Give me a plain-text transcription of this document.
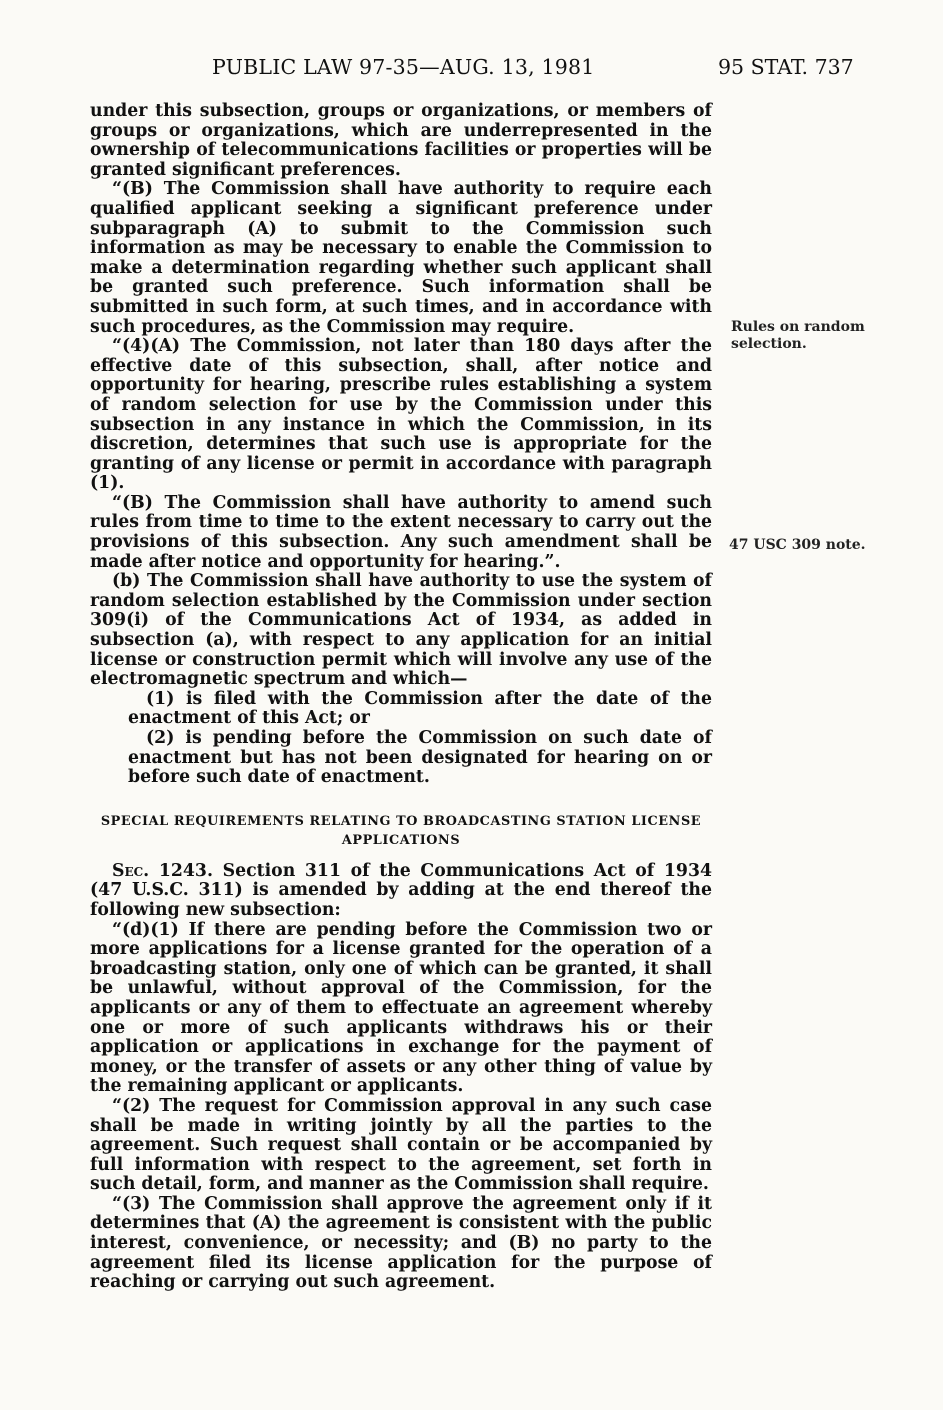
PUBLIC LAW 97-35—AUG. 13, 1981	95 STAT. 737
Rules on random selection.
47 USC 309 note.

under this subsection, groups or organizations, or members of groups or organizations, which are underrepresented in the ownership of telecommunications facilities or properties will be granted significant preferences.

“(B) The Commission shall have authority to require each qualified applicant seeking a significant preference under subparagraph (A) to submit to the Commission such information as may be necessary to enable the Commission to make a determination regarding whether such applicant shall be granted such preference. Such information shall be submitted in such form, at such times, and in accordance with such procedures, as the Commission may require.

“(4)(A) The Commission, not later than 180 days after the effective date of this subsection, shall, after notice and opportunity for hearing, prescribe rules establishing a system of random selection for use by the Commission under this subsection in any instance in which the Commission, in its discretion, determines that such use is appropriate for the granting of any license or permit in accordance with paragraph (1).

“(B) The Commission shall have authority to amend such rules from time to time to the extent necessary to carry out the provisions of this subsection. Any such amendment shall be made after notice and opportunity for hearing.”.

(b) The Commission shall have authority to use the system of random selection established by the Commission under section 309(i) of the Communications Act of 1934, as added in subsection (a), with respect to any application for an initial license or construction permit which will involve any use of the electromagnetic spectrum and which—

(1) is filed with the Commission after the date of the enactment of this Act; or

(2) is pending before the Commission on such date of enactment but has not been designated for hearing on or before such date of enactment.

SPECIAL REQUIREMENTS RELATING TO BROADCASTING STATION LICENSE APPLICATIONS

Sec. 1243. Section 311 of the Communications Act of 1934 (47 U.S.C. 311) is amended by adding at the end thereof the following new subsection:

“(d)(1) If there are pending before the Commission two or more applications for a license granted for the operation of a broadcasting station, only one of which can be granted, it shall be unlawful, without approval of the Commission, for the applicants or any of them to effectuate an agreement whereby one or more of such applicants withdraws his or their application or applications in exchange for the payment of money, or the transfer of assets or any other thing of value by the remaining applicant or applicants.

“(2) The request for Commission approval in any such case shall be made in writing jointly by all the parties to the agreement. Such request shall contain or be accompanied by full information with respect to the agreement, set forth in such detail, form, and manner as the Commission shall require.

“(3) The Commission shall approve the agreement only if it determines that (A) the agreement is consistent with the public interest, convenience, or necessity; and (B) no party to the agreement filed its license application for the purpose of reaching or carrying out such agreement.
